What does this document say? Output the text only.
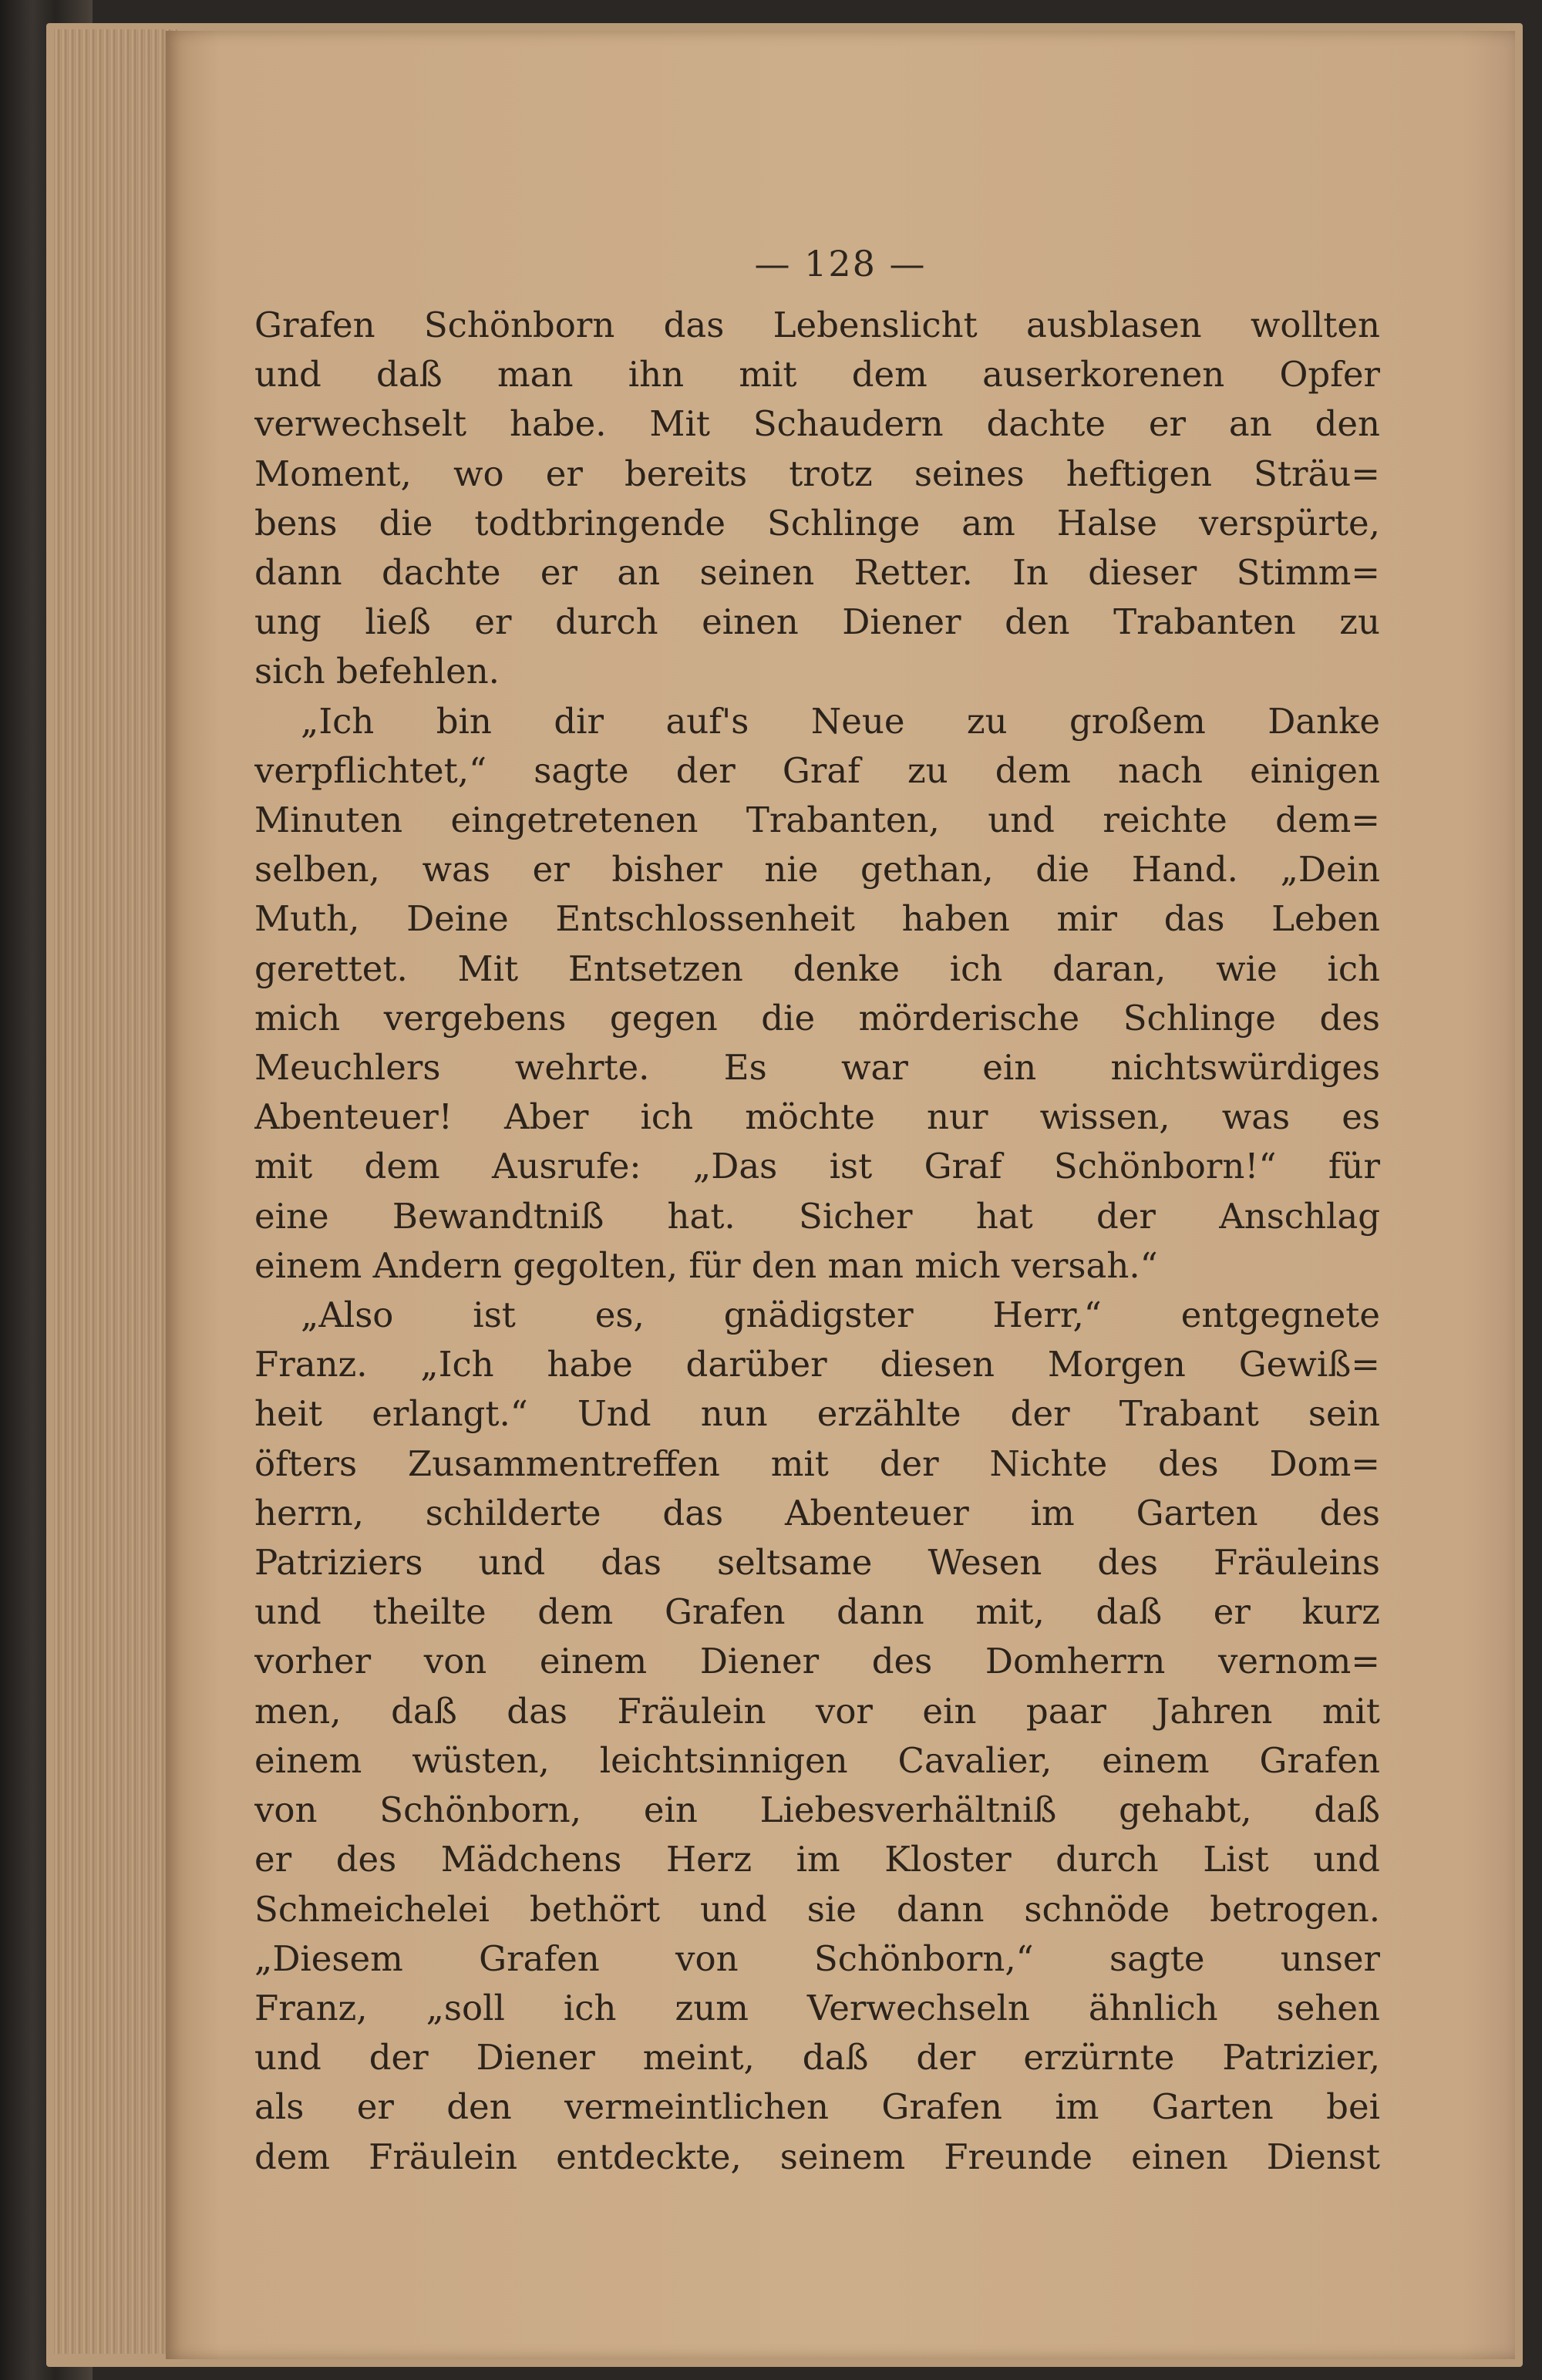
— 128 —
Grafen Schönborn das Lebenslicht ausblasen wollten
und daß man ihn mit dem auserkorenen Opfer
verwechselt habe. Mit Schaudern dachte er an den
Moment, wo er bereits trotz seines heftigen Sträu=
bens die todtbringende Schlinge am Halse verspürte,
dann dachte er an seinen Retter. In dieser Stimm=
ung ließ er durch einen Diener den Trabanten zu
sich befehlen.
„Ich bin dir auf's Neue zu großem Danke
verpflichtet,“ sagte der Graf zu dem nach einigen
Minuten eingetretenen Trabanten, und reichte dem=
selben, was er bisher nie gethan, die Hand. „Dein
Muth, Deine Entschlossenheit haben mir das Leben
gerettet. Mit Entsetzen denke ich daran, wie ich
mich vergebens gegen die mörderische Schlinge des
Meuchlers wehrte. Es war ein nichtswürdiges
Abenteuer! Aber ich möchte nur wissen, was es
mit dem Ausrufe: „Das ist Graf Schönborn!“ für
eine Bewandtniß hat. Sicher hat der Anschlag
einem Andern gegolten, für den man mich versah.“
„Also ist es, gnädigster Herr,“ entgegnete
Franz. „Ich habe darüber diesen Morgen Gewiß=
heit erlangt.“ Und nun erzählte der Trabant sein
öfters Zusammentreffen mit der Nichte des Dom=
herrn, schilderte das Abenteuer im Garten des
Patriziers und das seltsame Wesen des Fräuleins
und theilte dem Grafen dann mit, daß er kurz
vorher von einem Diener des Domherrn vernom=
men, daß das Fräulein vor ein paar Jahren mit
einem wüsten, leichtsinnigen Cavalier, einem Grafen
von Schönborn, ein Liebesverhältniß gehabt, daß
er des Mädchens Herz im Kloster durch List und
Schmeichelei bethört und sie dann schnöde betrogen.
„Diesem Grafen von Schönborn,“ sagte unser
Franz, „soll ich zum Verwechseln ähnlich sehen
und der Diener meint, daß der erzürnte Patrizier,
als er den vermeintlichen Grafen im Garten bei
dem Fräulein entdeckte, seinem Freunde einen Dienst
